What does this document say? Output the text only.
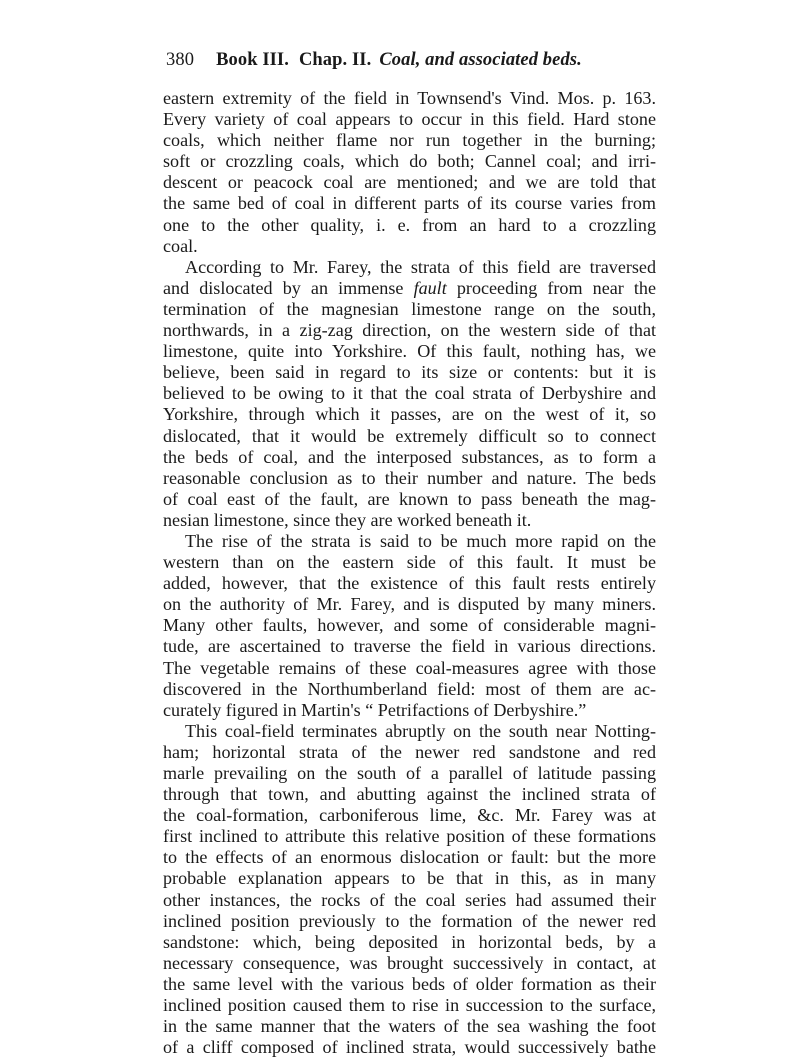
380 Book III. Chap. II. Coal, and associated beds.
eastern extremity of the field in Townsend's Vind. Mos. p. 163.
Every variety of coal appears to occur in this field. Hard stone
coals, which neither flame nor run together in the burning;
soft or crozzling coals, which do both; Cannel coal; and irri-
descent or peacock coal are mentioned; and we are told that
the same bed of coal in different parts of its course varies from
one to the other quality, i. e. from an hard to a crozzling
coal.
According to Mr. Farey, the strata of this field are traversed
and dislocated by an immense fault proceeding from near the
termination of the magnesian limestone range on the south,
northwards, in a zig-zag direction, on the western side of that
limestone, quite into Yorkshire. Of this fault, nothing has, we
believe, been said in regard to its size or contents: but it is
believed to be owing to it that the coal strata of Derbyshire and
Yorkshire, through which it passes, are on the west of it, so
dislocated, that it would be extremely difficult so to connect
the beds of coal, and the interposed substances, as to form a
reasonable conclusion as to their number and nature. The beds
of coal east of the fault, are known to pass beneath the mag-
nesian limestone, since they are worked beneath it.
The rise of the strata is said to be much more rapid on the
western than on the eastern side of this fault. It must be
added, however, that the existence of this fault rests entirely
on the authority of Mr. Farey, and is disputed by many miners.
Many other faults, however, and some of considerable magni-
tude, are ascertained to traverse the field in various directions.
The vegetable remains of these coal-measures agree with those
discovered in the Northumberland field: most of them are ac-
curately figured in Martin's “ Petrifactions of Derbyshire.”
This coal-field terminates abruptly on the south near Notting-
ham; horizontal strata of the newer red sandstone and red
marle prevailing on the south of a parallel of latitude passing
through that town, and abutting against the inclined strata of
the coal-formation, carboniferous lime, &c. Mr. Farey was at
first inclined to attribute this relative position of these formations
to the effects of an enormous dislocation or fault: but the more
probable explanation appears to be that in this, as in many
other instances, the rocks of the coal series had assumed their
inclined position previously to the formation of the newer red
sandstone: which, being deposited in horizontal beds, by a
necessary consequence, was brought successively in contact, at
the same level with the various beds of older formation as their
inclined position caused them to rise in succession to the surface,
in the same manner that the waters of the sea washing the foot
of a cliff composed of inclined strata, would successively bathe
